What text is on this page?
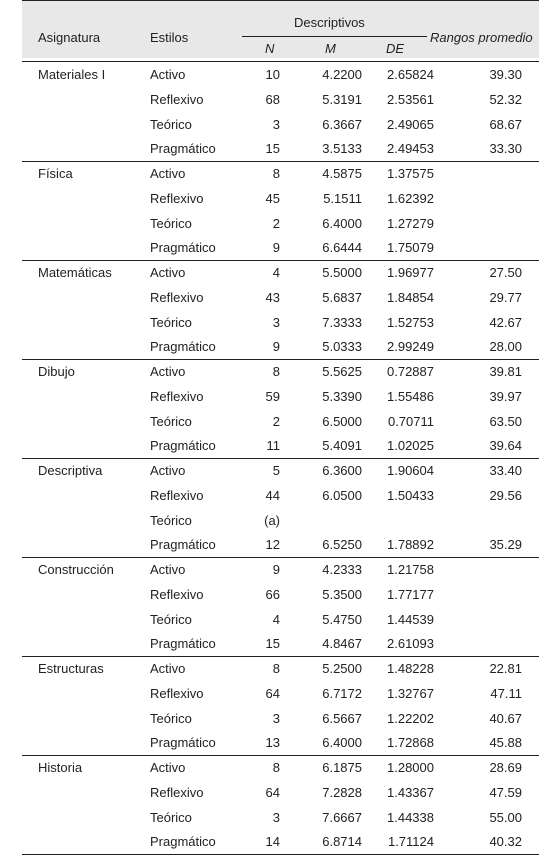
Asignatura	Estilos
Descriptivos
N	M	DE
Rangos promedio
Materiales I	Activo	10	4.2200	2.65824	39.30
Reflexivo	68	5.3191	2.53561	52.32
Teórico	3	6.3667	2.49065	68.67
Pragmático	15	3.5133	2.49453	33.30
Física	Activo	8	4.5875	1.37575
Reflexivo	45	5.1511	1.62392
Teórico	2	6.4000	1.27279
Pragmático	9	6.6444	1.75079
Matemáticas	Activo	4	5.5000	1.96977	27.50
Reflexivo	43	5.6837	1.84854	29.77
Teórico	3	7.3333	1.52753	42.67
Pragmático	9	5.0333	2.99249	28.00
Dibujo	Activo	8	5.5625	0.72887	39.81
Reflexivo	59	5.3390	1.55486	39.97
Teórico	2	6.5000	0.70711	63.50
Pragmático	11	5.4091	1.02025	39.64
Descriptiva	Activo	5	6.3600	1.90604	33.40
Reflexivo	44	6.0500	1.50433	29.56
Teórico	(a)
Pragmático	12	6.5250	1.78892	35.29
Construcción	Activo	9	4.2333	1.21758
Reflexivo	66	5.3500	1.77177
Teórico	4	5.4750	1.44539
Pragmático	15	4.8467	2.61093
Estructuras	Activo	8	5.2500	1.48228	22.81
Reflexivo	64	6.7172	1.32767	47.11
Teórico	3	6.5667	1.22202	40.67
Pragmático	13	6.4000	1.72868	45.88
Historia	Activo	8	6.1875	1.28000	28.69
Reflexivo	64	7.2828	1.43367	47.59
Teórico	3	7.6667	1.44338	55.00
Pragmático	14	6.8714	1.71124	40.32
